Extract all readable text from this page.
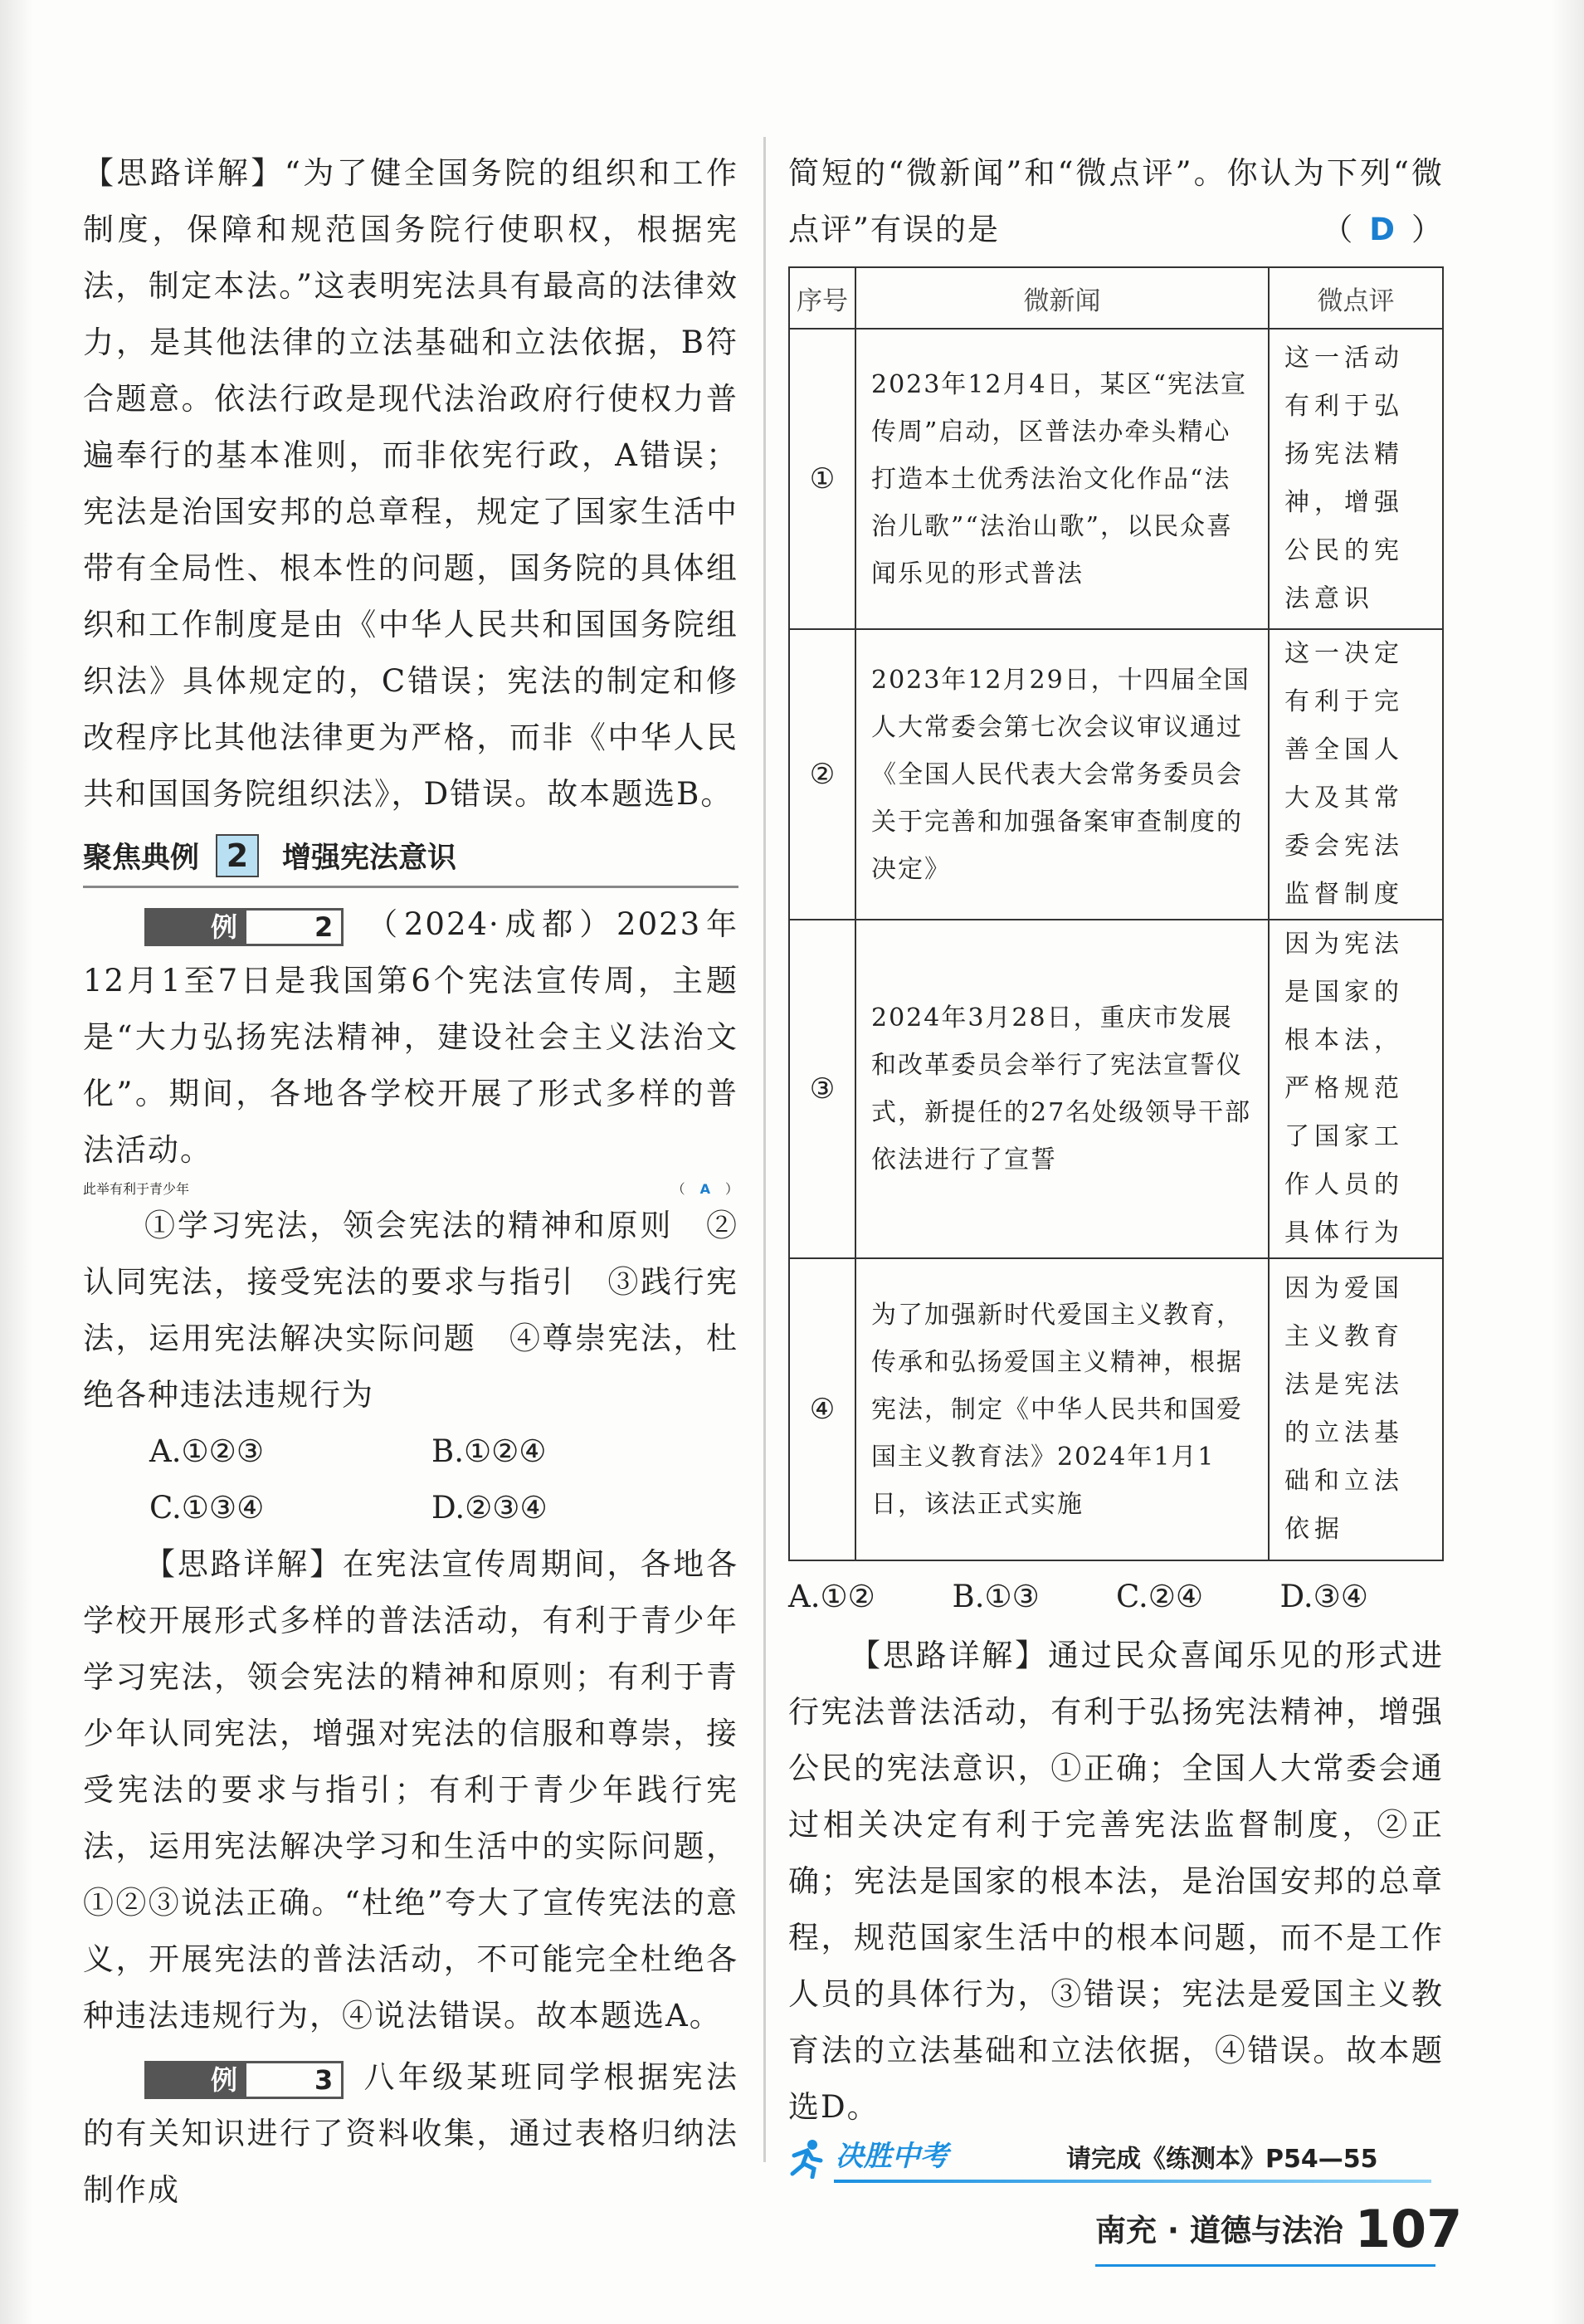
【思路详解】“为了健全国务院的组织和工作制度，保障和规范国务院行使职权，根据宪法，制定本法。”这表明宪法具有最高的法律效力，是其他法律的立法基础和立法依据，B符合题意。依法行政是现代法治政府行使权力普遍奉行的基本准则，而非依宪行政，A错误；宪法是治国安邦的总章程，规定了国家生活中带有全局性、根本性的问题，国务院的具体组织和工作制度是由《中华人民共和国国务院组织法》具体规定的，C错误；宪法的制定和修改程序比其他法律更为严格，而非《中华人民共和国国务院组织法》，D错误。故本题选B。

聚焦典例 2	增强宪法意识

例	2 （2024·成都）2023年12月1至7日是我国第6个宪法宣传周，主题是“大力弘扬宪法精神，建设社会主义法治文化”。期间，各地各学校开展了形式多样的普法活动。

此举有利于青少年	（ A ）

①学习宪法，领会宪法的精神和原则　②认同宪法，接受宪法的要求与指引　③践行宪法，运用宪法解决实际问题　④尊崇宪法，杜绝各种违法违规行为

A.①②③	B.①②④
C.①③④	D.②③④

【思路详解】在宪法宣传周期间，各地各学校开展形式多样的普法活动，有利于青少年学习宪法，领会宪法的精神和原则；有利于青少年认同宪法，增强对宪法的信服和尊崇，接受宪法的要求与指引；有利于青少年践行宪法，运用宪法解决学习和生活中的实际问题，①②③说法正确。“杜绝”夸大了宣传宪法的意义，开展宪法的普法活动，不可能完全杜绝各种违法违规行为，④说法错误。故本题选A。

例	3 八年级某班同学根据宪法的有关知识进行了资料收集，通过表格归纳法制作成

简短的“微新闻”和“微点评”。你认为下列“微点评”有误的是	（ D ）

序号	微新闻	微点评
①	2023年12月4日，某区“宪法宣传周”启动，区普法办牵头精心打造本土优秀法治文化作品“法治儿歌”“法治山歌”，以民众喜闻乐见的形式普法	这一活动有利于弘扬宪法精神，增强公民的宪法意识
②	2023年12月29日，十四届全国人大常委会第七次会议审议通过《全国人民代表大会常务委员会关于完善和加强备案审查制度的决定》	这一决定有利于完善全国人大及其常委会宪法监督制度
③	2024年3月28日，重庆市发展和改革委员会举行了宪法宣誓仪式，新提任的27名处级领导干部依法进行了宣誓	因为宪法是国家的根本法，严格规范了国家工作人员的具体行为
④	为了加强新时代爱国主义教育，传承和弘扬爱国主义精神，根据宪法，制定《中华人民共和国爱国主义教育法》2024年1月1日，该法正式实施	因为爱国主义教育法是宪法的立法基础和立法依据
A.①②	B.①③	C.②④	D.③④

【思路详解】通过民众喜闻乐见的形式进行宪法普法活动，有利于弘扬宪法精神，增强公民的宪法意识，①正确；全国人大常委会通过相关决定有利于完善宪法监督制度，②正确；宪法是国家的根本法，是治国安邦的总章程，规范国家生活中的根本问题，而不是工作人员的具体行为，③错误；宪法是爱国主义教育法的立法基础和立法依据，④错误。故本题选D。

决胜中考	请完成《练测本》P54—55
南充 · 道德与法治 107
